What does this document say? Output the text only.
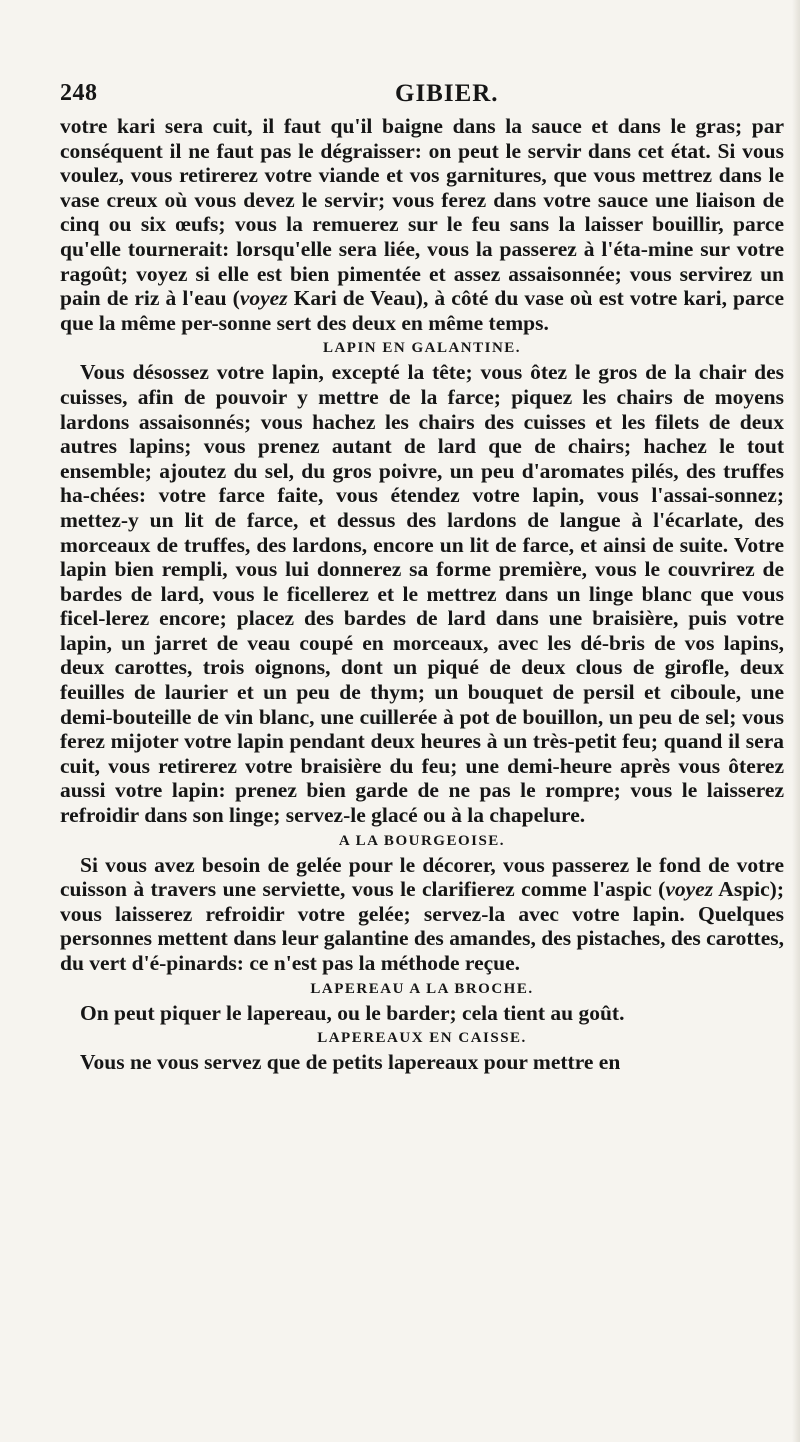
248	GIBIER.

votre kari sera cuit, il faut qu'il baigne dans la sauce et dans le gras; par conséquent il ne faut pas le dégraisser: on peut le servir dans cet état. Si vous voulez, vous retirerez votre viande et vos garnitures, que vous mettrez dans le vase creux où vous devez le servir; vous ferez dans votre sauce une liaison de cinq ou six œufs; vous la remuerez sur le feu sans la laisser bouillir, parce qu'elle tournerait: lorsqu'elle sera liée, vous la passerez à l'éta-mine sur votre ragoût; voyez si elle est bien pimentée et assez assaisonnée; vous servirez un pain de riz à l'eau (voyez Kari de Veau), à côté du vase où est votre kari, parce que la même per-sonne sert des deux en même temps.

LAPIN EN GALANTINE.

Vous désossez votre lapin, excepté la tête; vous ôtez le gros de la chair des cuisses, afin de pouvoir y mettre de la farce; piquez les chairs de moyens lardons assaisonnés; vous hachez les chairs des cuisses et les filets de deux autres lapins; vous prenez autant de lard que de chairs; hachez le tout ensemble; ajoutez du sel, du gros poivre, un peu d'aromates pilés, des truffes ha-chées: votre farce faite, vous étendez votre lapin, vous l'assai-sonnez; mettez-y un lit de farce, et dessus des lardons de langue à l'écarlate, des morceaux de truffes, des lardons, encore un lit de farce, et ainsi de suite. Votre lapin bien rempli, vous lui donnerez sa forme première, vous le couvrirez de bardes de lard, vous le ficellerez et le mettrez dans un linge blanc que vous ficel-lerez encore; placez des bardes de lard dans une braisière, puis votre lapin, un jarret de veau coupé en morceaux, avec les dé-bris de vos lapins, deux carottes, trois oignons, dont un piqué de deux clous de girofle, deux feuilles de laurier et un peu de thym; un bouquet de persil et ciboule, une demi-bouteille de vin blanc, une cuillerée à pot de bouillon, un peu de sel; vous ferez mijoter votre lapin pendant deux heures à un très-petit feu; quand il sera cuit, vous retirerez votre braisière du feu; une demi-heure après vous ôterez aussi votre lapin: prenez bien garde de ne pas le rompre; vous le laisserez refroidir dans son linge; servez-le glacé ou à la chapelure.

A LA BOURGEOISE.

Si vous avez besoin de gelée pour le décorer, vous passerez le fond de votre cuisson à travers une serviette, vous le clarifierez comme l'aspic (voyez Aspic); vous laisserez refroidir votre gelée; servez-la avec votre lapin. Quelques personnes mettent dans leur galantine des amandes, des pistaches, des carottes, du vert d'é-pinards: ce n'est pas la méthode reçue.

LAPEREAU A LA BROCHE.

On peut piquer le lapereau, ou le barder; cela tient au goût.

LAPEREAUX EN CAISSE.

Vous ne vous servez que de petits lapereaux pour mettre en
